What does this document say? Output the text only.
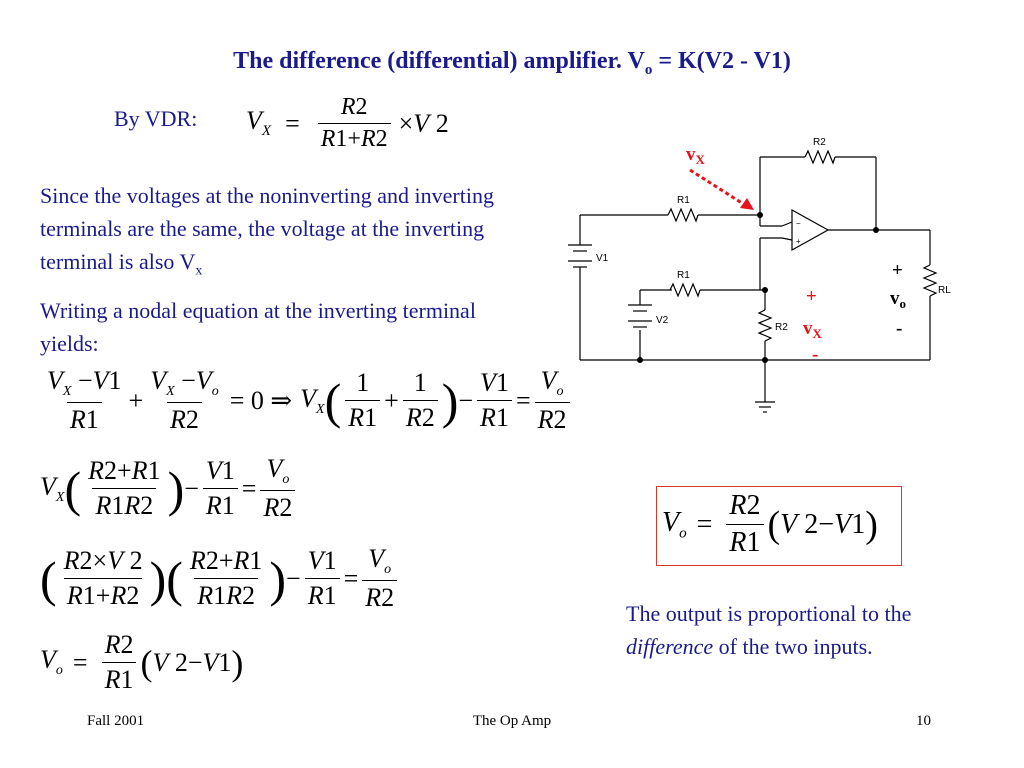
The difference (differential) amplifier. $V_o = K(V2 - V1)$
By VDR: $V_X = \frac{R2}{R1+R2} \times V$ 2
Since the voltages at the noninverting and inverting terminals are the same, the voltage at the inverting terminal is also $V_x$
Writing a nodal equation at the inverting terminal yields:
$\frac{V_X -V1}{R1} + \frac{V_X -V_o}{R2} = 0$ ⇒ $V_X$ ( $\frac{1}{R1} + \frac{1}{R2}$ ) − $\frac{V1}{R1} = \frac{V_o}{R2}$
$V_X$ ( $\frac{R2+R1}{R1R2}$ ) − $\frac{V1}{R1} = \frac{V_o}{R2}$
( $\frac{R2\times V 2}{R1+R2}$ )( $\frac{R2+R1}{R1R2}$ ) − $\frac{V1}{R1} = \frac{V_o}{R2}$
$V_o = \frac{R2}{R1}$ ( V 2−V1 )
$V_o = \frac{R2}{R1}$ ( V 2−V1 )
The output is proportional to the difference of the two inputs.
R2
R1
V1
R1
V2
R2
RL
−
+
$v_X$
+
$v_X$
-
+
$v_o$
-
Fall 2001	The Op Amp	10
